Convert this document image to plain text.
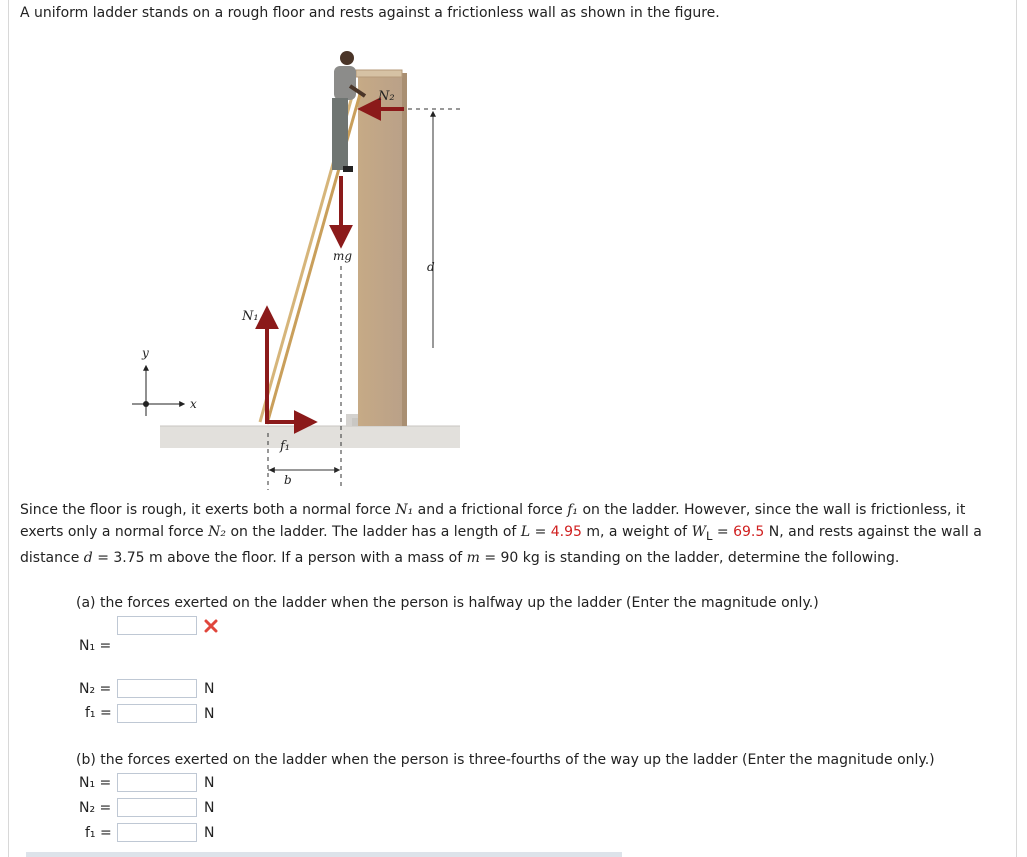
A uniform ladder stands on a rough floor and rests against a frictionless wall as shown in the figure.
N₂
d
mg
N₁
f₁
b
y
x
Since the floor is rough, it exerts both a normal force N₁ and a frictional force f₁ on the ladder. However, since the wall is frictionless, it exerts only a normal force N₂ on the ladder. The ladder has a length of L = 4.95 m, a weight of $W_L = 69.5$ N, and rests against the wall a distance d = 3.75 m above the floor. If a person with a mass of m = 90 kg is standing on the ladder, determine the following.
(a) the forces exerted on the ladder when the person is halfway up the ladder (Enter the magnitude only.)
N₁ =
N₂ =	N
f₁ =	N
(b) the forces exerted on the ladder when the person is three-fourths of the way up the ladder (Enter the magnitude only.)
N₁ =	N
N₂ =	N
f₁ =	N
